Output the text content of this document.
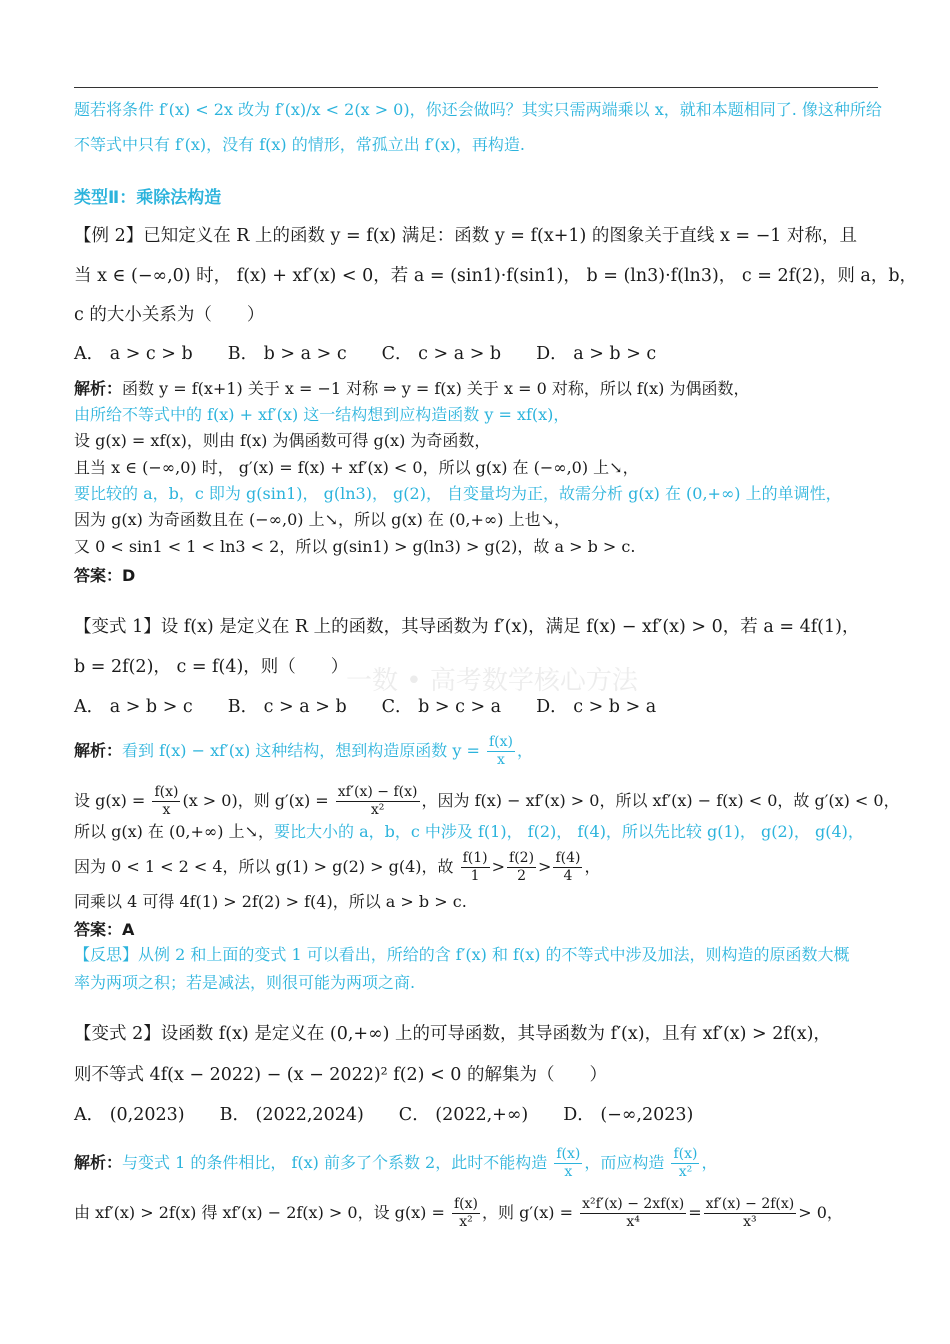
题若将条件 f′(x) < 2x 改为 f′(x)/x < 2(x > 0)，你还会做吗？其实只需两端乘以 x，就和本题相同了. 像这种所给
不等式中只有 f′(x)，没有 f(x) 的情形，常孤立出 f′(x)，再构造.
类型Ⅱ：乘除法构造
【例 2】已知定义在 R 上的函数 y = f(x) 满足：函数 y = f(x+1) 的图象关于直线 x = −1 对称，且
当 x ∈ (−∞,0) 时， f(x) + xf′(x) < 0，若 a = (sin1)·f(sin1)， b = (ln3)·f(ln3)， c = 2f(2)，则 a，b，
c 的大小关系为（　　）
A． a > c > b　　B． b > a > c　　C． c > a > b　　D． a > b > c
解析：函数 y = f(x+1) 关于 x = −1 对称 ⇒ y = f(x) 关于 x = 0 对称，所以 f(x) 为偶函数，
由所给不等式中的 f(x) + xf′(x) 这一结构想到应构造函数 y = xf(x)，
设 g(x) = xf(x)，则由 f(x) 为偶函数可得 g(x) 为奇函数，
且当 x ∈ (−∞,0) 时， g′(x) = f(x) + xf′(x) < 0，所以 g(x) 在 (−∞,0) 上↘，
要比较的 a，b，c 即为 g(sin1)， g(ln3)， g(2)， 自变量均为正，故需分析 g(x) 在 (0,+∞) 上的单调性，
因为 g(x) 为奇函数且在 (−∞,0) 上↘，所以 g(x) 在 (0,+∞) 上也↘，
又 0 < sin1 < 1 < ln3 < 2，所以 g(sin1) > g(ln3) > g(2)，故 a > b > c.
答案：D
【变式 1】设 f(x) 是定义在 R 上的函数，其导函数为 f′(x)，满足 f(x) − xf′(x) > 0，若 a = 4f(1)，
b = 2f(2)， c = f(4)，则（　　）
A． a > b > c　　B． c > a > b　　C． b > c > a　　D． c > b > a
解析：看到 f(x) − xf′(x) 这种结构，想到构造原函数 $y = \frac{f(x)}{x}$ ，
设 $g(x) = \frac{f(x)}{x} (x > 0)$，则 $g'(x) = \frac{xf'(x) - f(x)}{\text{x²}}$ ，因为 f(x) − xf′(x) > 0，所以 xf′(x) − f(x) < 0，故 g′(x) < 0，
所以 g(x) 在 (0,+∞) 上↘，要比大小的 a，b，c 中涉及 f(1)， f(2)， f(4)，所以先比较 g(1)， g(2)， g(4)，
因为 0 < 1 < 2 < 4，所以 g(1) > g(2) > g(4)，故 $\frac{f(1)}{1} > \frac{f(2)}{2} > \frac{f(4)}{4}$ ，
同乘以 4 可得 4f(1) > 2f(2) > f(4)，所以 a > b > c.
答案：A
【反思】从例 2 和上面的变式 1 可以看出，所给的含 f′(x) 和 f(x) 的不等式中涉及加法，则构造的原函数大概
率为两项之积；若是减法，则很可能为两项之商.
【变式 2】设函数 f(x) 是定义在 (0,+∞) 上的可导函数，其导函数为 f′(x)，且有 xf′(x) > 2f(x)，
则不等式 4f(x − 2022) − (x − 2022)² f(2) < 0 的解集为（　　）
A． (0,2023)　　B． (2022,2024)　　C． (2022,+∞)　　D． (−∞,2023)
解析：与变式 1 的条件相比， f(x) 前多了个系数 2，此时不能构造 $\frac{f(x)}{x}$ ，而应构造 $\frac{f(x)}{\text{x²}}$ ，
由 xf′(x) > 2f(x) 得 xf′(x) − 2f(x) > 0，设 $g(x) = \frac{f(x)}{\text{x²}}$ ，则 $g'(x) = \frac{\text{x²f′(x) − 2xf(x)}}{\text{x⁴}} = \frac{xf'(x) - 2f(x)}{\text{x³}} > 0$，
一数 • 高考数学核心方法
